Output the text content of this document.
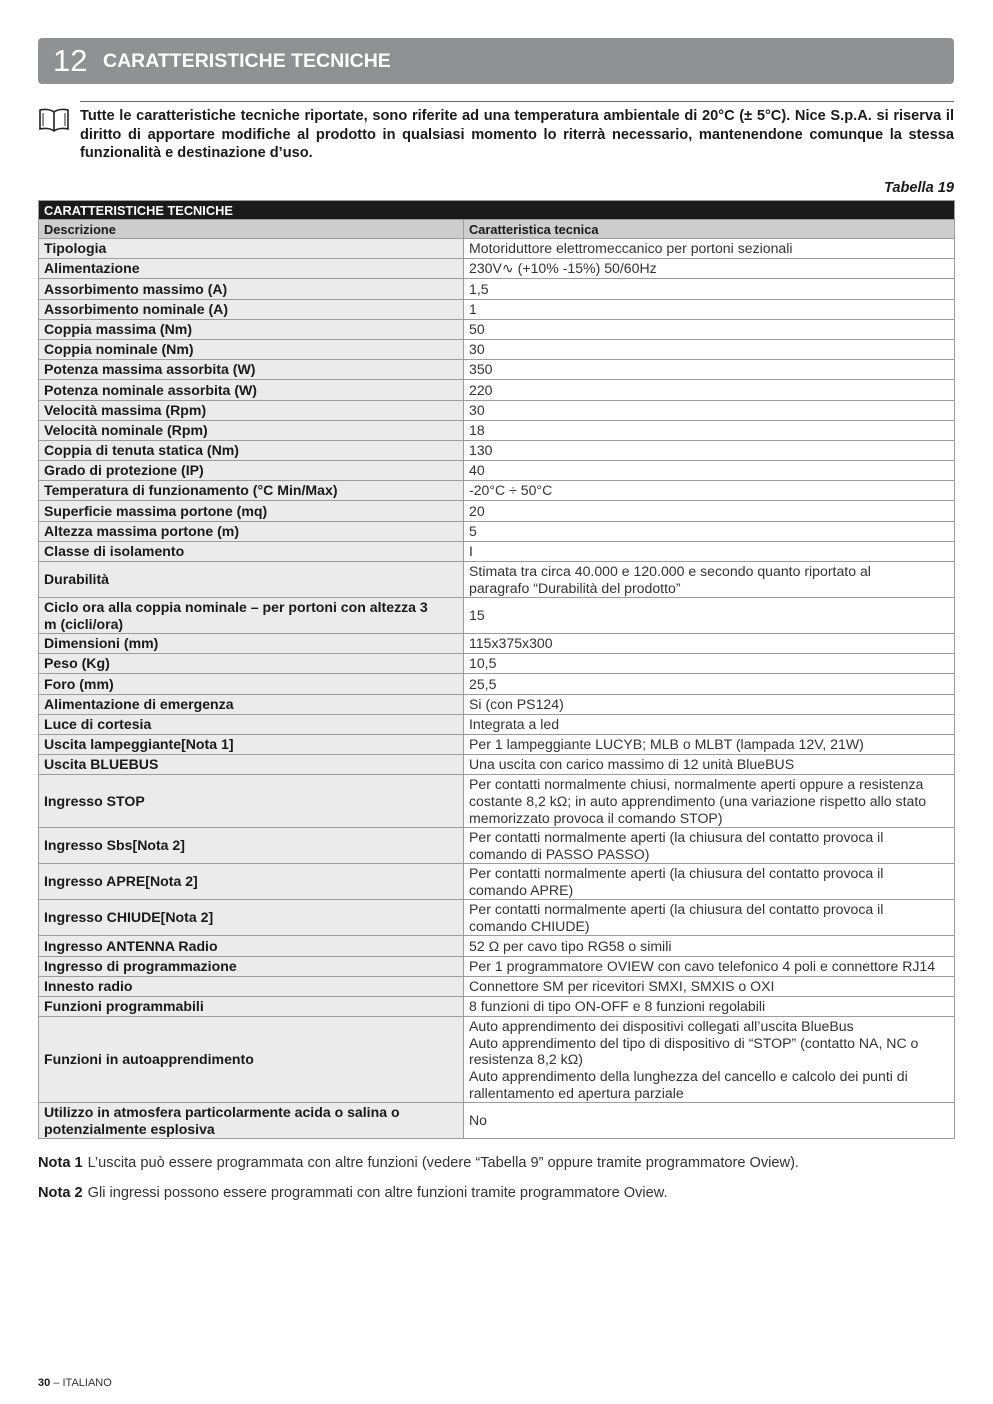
12 CARATTERISTICHE TECNICHE

Tutte le caratteristiche tecniche riportate, sono riferite ad una temperatura ambientale di 20°C (± 5°C). Nice S.p.A. si riserva il diritto di apportare modifiche al prodotto in qualsiasi momento lo riterrà necessario, mantenendone comunque la stessa funzionalità e destinazione d’uso.

Tabella 19
CARATTERISTICHE TECNICHE	
Descrizione	Caratteristica tecnica

Tipologia	Motoriduttore elettromeccanico per portoni sezionali

Alimentazione	230V∿ (+10% -15%) 50/60Hz

Assorbimento massimo (A)	1,5

Assorbimento nominale (A)	1

Coppia massima (Nm)	50

Coppia nominale (Nm)	30

Potenza massima assorbita (W)	350

Potenza nominale assorbita (W)	220

Velocità massima (Rpm)	30

Velocità nominale (Rpm)	18

Coppia di tenuta statica (Nm)	130

Grado di protezione (IP)	40

Temperatura di funzionamento (°C Min/Max)	-20°C ÷ 50°C

Superficie massima portone (mq)	20

Altezza massima portone (m)	5

Classe di isolamento	I

Durabilità	Stimata tra circa 40.000 e 120.000 e secondo quanto riportato al
paragrafo “Durabilità del prodotto”

Ciclo ora alla coppia nominale – per portoni con altezza 3
m (cicli/ora)	15

Dimensioni (mm)	115x375x300

Peso (Kg)	10,5

Foro (mm)	25,5

Alimentazione di emergenza	Si (con PS124)

Luce di cortesia	Integrata a led

Uscita lampeggiante[Nota 1]	Per 1 lampeggiante LUCYB; MLB o MLBT (lampada 12V, 21W)

Uscita BLUEBUS	Una uscita con carico massimo di 12 unità BlueBUS

Ingresso STOP	Per contatti normalmente chiusi, normalmente aperti oppure a resistenza
costante 8,2 kΩ; in auto apprendimento (una variazione rispetto allo stato
memorizzato provoca il comando STOP)

Ingresso Sbs[Nota 2]	Per contatti normalmente aperti (la chiusura del contatto provoca il
comando di PASSO PASSO)

Ingresso APRE[Nota 2]	Per contatti normalmente aperti (la chiusura del contatto provoca il
comando APRE)

Ingresso CHIUDE[Nota 2]	Per contatti normalmente aperti (la chiusura del contatto provoca il
comando CHIUDE)

Ingresso ANTENNA Radio	52 Ω per cavo tipo RG58 o simili

Ingresso di programmazione	Per 1 programmatore OVIEW con cavo telefonico 4 poli e connettore RJ14

Innesto radio	Connettore SM per ricevitori SMXI, SMXIS o OXI

Funzioni programmabili	8 funzioni di tipo ON-OFF e 8 funzioni regolabili

Funzioni in autoapprendimento	Auto apprendimento dei dispositivi collegati all’uscita BlueBus
Auto apprendimento del tipo di dispositivo di “STOP” (contatto NA, NC o
resistenza 8,2 kΩ)
Auto apprendimento della lunghezza del cancello e calcolo dei punti di
rallentamento ed apertura parziale

Utilizzo in atmosfera particolarmente acida o salina o
potenzialmente esplosiva	No

Nota 1 L’uscita può essere programmata con altre funzioni (vedere “Tabella 9” oppure tramite programmatore Oview).

Nota 2 Gli ingressi possono essere programmati con altre funzioni tramite programmatore Oview.

30 – ITALIANO
